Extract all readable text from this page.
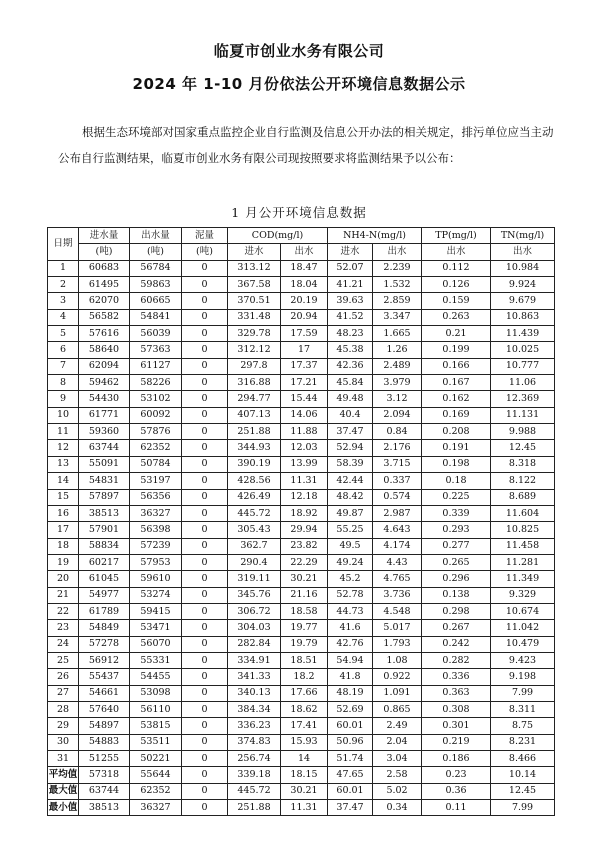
临夏市创业水务有限公司
2024 年 1-10 月份依法公开环境信息数据公示
根据生态环境部对国家重点监控企业自行监测及信息公开办法的相关规定，排污单位应当主动公布自行监测结果，临夏市创业水务有限公司现按照要求将监测结果予以公布：
1 月公开环境信息数据
日期	进水量	出水量	泥量	COD(mg/l)		NH4-N(mg/l)		TP(mg/l)	TN(mg/l)
	(吨)	(吨)	(吨)	进水	出水	进水	出水	出水	出水
1	60683	56784	0	313.12	18.47	52.07	2.239	0.112	10.984
2	61495	59863	0	367.58	18.04	41.21	1.532	0.126	9.924
3	62070	60665	0	370.51	20.19	39.63	2.859	0.159	9.679
4	56582	54841	0	331.48	20.94	41.52	3.347	0.263	10.863
5	57616	56039	0	329.78	17.59	48.23	1.665	0.21	11.439
6	58640	57363	0	312.12	17	45.38	1.26	0.199	10.025
7	62094	61127	0	297.8	17.37	42.36	2.489	0.166	10.777
8	59462	58226	0	316.88	17.21	45.84	3.979	0.167	11.06
9	54430	53102	0	294.77	15.44	49.48	3.12	0.162	12.369
10	61771	60092	0	407.13	14.06	40.4	2.094	0.169	11.131
11	59360	57876	0	251.88	11.88	37.47	0.84	0.208	9.988
12	63744	62352	0	344.93	12.03	52.94	2.176	0.191	12.45
13	55091	50784	0	390.19	13.99	58.39	3.715	0.198	8.318
14	54831	53197	0	428.56	11.31	42.44	0.337	0.18	8.122
15	57897	56356	0	426.49	12.18	48.42	0.574	0.225	8.689
16	38513	36327	0	445.72	18.92	49.87	2.987	0.339	11.604
17	57901	56398	0	305.43	29.94	55.25	4.643	0.293	10.825
18	58834	57239	0	362.7	23.82	49.5	4.174	0.277	11.458
19	60217	57953	0	290.4	22.29	49.24	4.43	0.265	11.281
20	61045	59610	0	319.11	30.21	45.2	4.765	0.296	11.349
21	54977	53274	0	345.76	21.16	52.78	3.736	0.138	9.329
22	61789	59415	0	306.72	18.58	44.73	4.548	0.298	10.674
23	54849	53471	0	304.03	19.77	41.6	5.017	0.267	11.042
24	57278	56070	0	282.84	19.79	42.76	1.793	0.242	10.479
25	56912	55331	0	334.91	18.51	54.94	1.08	0.282	9.423
26	55437	54455	0	341.33	18.2	41.8	0.922	0.336	9.198
27	54661	53098	0	340.13	17.66	48.19	1.091	0.363	7.99
28	57640	56110	0	384.34	18.62	52.69	0.865	0.308	8.311
29	54897	53815	0	336.23	17.41	60.01	2.49	0.301	8.75
30	54883	53511	0	374.83	15.93	50.96	2.04	0.219	8.231
31	51255	50221	0	256.74	14	51.74	3.04	0.186	8.466
平均值	57318	55644	0	339.18	18.15	47.65	2.58	0.23	10.14
最大值	63744	62352	0	445.72	30.21	60.01	5.02	0.36	12.45
最小值	38513	36327	0	251.88	11.31	37.47	0.34	0.11	7.99
